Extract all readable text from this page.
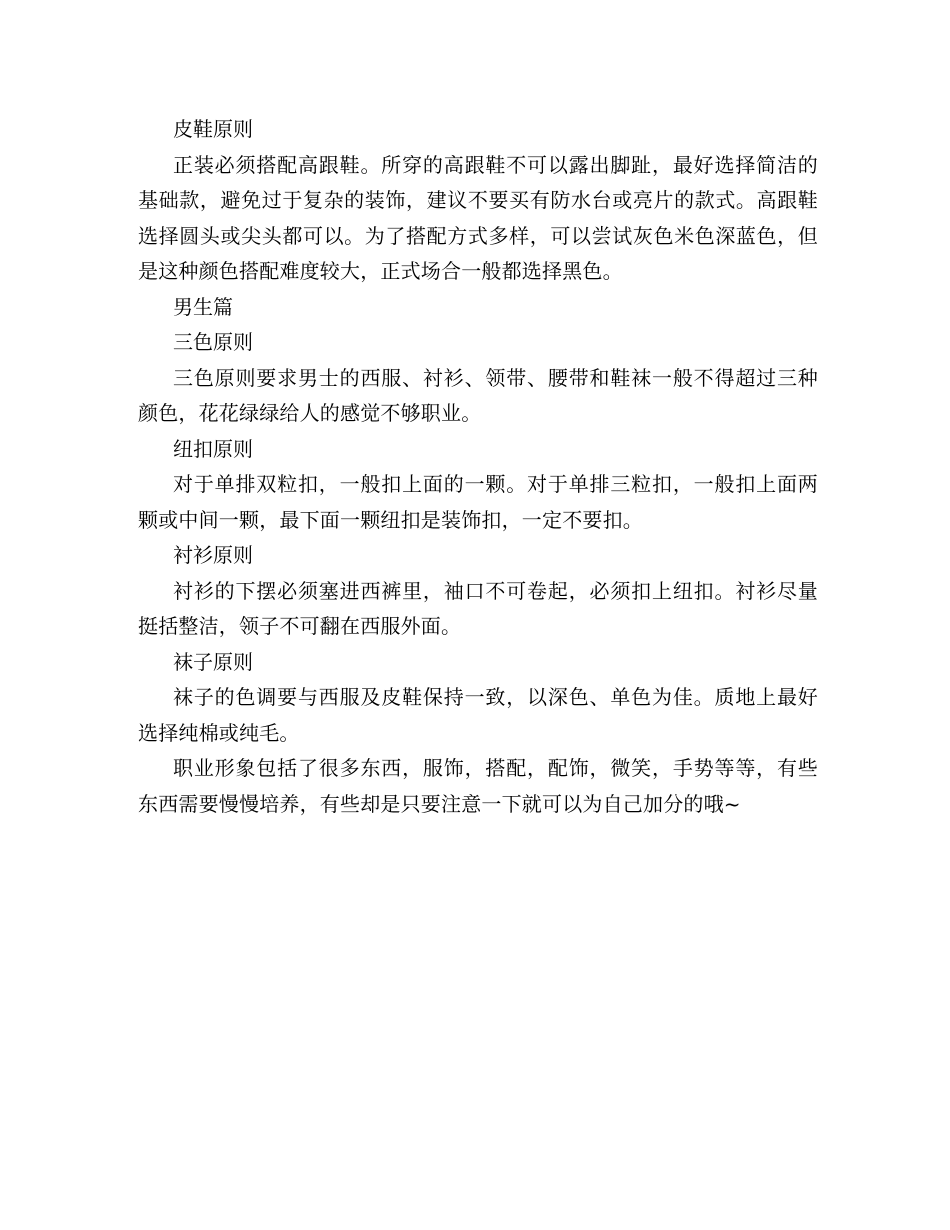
皮鞋原则

正装必须搭配高跟鞋。所穿的高跟鞋不可以露出脚趾，最好选择简洁的基础款，避免过于复杂的装饰，建议不要买有防水台或亮片的款式。高跟鞋选择圆头或尖头都可以。为了搭配方式多样，可以尝试灰色米色深蓝色，但是这种颜色搭配难度较大，正式场合一般都选择黑色。

男生篇

三色原则

三色原则要求男士的西服、衬衫、领带、腰带和鞋袜一般不得超过三种颜色，花花绿绿给人的感觉不够职业。

纽扣原则

对于单排双粒扣，一般扣上面的一颗。对于单排三粒扣，一般扣上面两颗或中间一颗，最下面一颗纽扣是装饰扣，一定不要扣。

衬衫原则

衬衫的下摆必须塞进西裤里，袖口不可卷起，必须扣上纽扣。衬衫尽量挺括整洁，领子不可翻在西服外面。

袜子原则

袜子的色调要与西服及皮鞋保持一致，以深色、单色为佳。质地上最好选择纯棉或纯毛。

职业形象包括了很多东西，服饰，搭配，配饰，微笑，手势等等，有些东西需要慢慢培养，有些却是只要注意一下就可以为自己加分的哦~
